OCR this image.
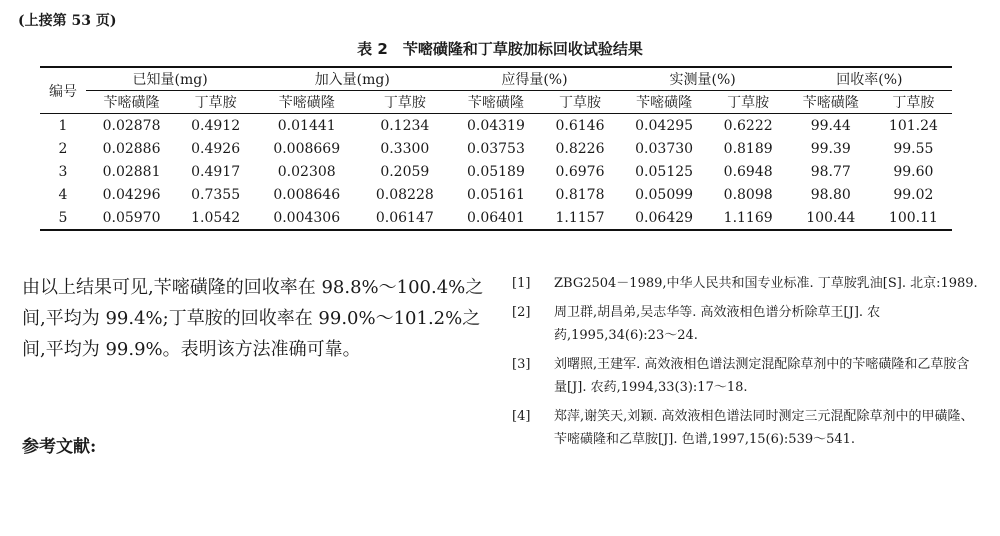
(上接第 53 页)
表 2　苄嘧磺隆和丁草胺加标回收试验结果
编号	已知量(mg)		加入量(mg)		应得量(%)		实测量(%)		回收率(%)	
	苄嘧磺隆	丁草胺	苄嘧磺隆	丁草胺	苄嘧磺隆	丁草胺	苄嘧磺隆	丁草胺	苄嘧磺隆	丁草胺
1	0.02878	0.4912	0.01441	0.1234	0.04319	0.6146	0.04295	0.6222	99.44	101.24
2	0.02886	0.4926	0.008669	0.3300	0.03753	0.8226	0.03730	0.8189	99.39	99.55
3	0.02881	0.4917	0.02308	0.2059	0.05189	0.6976	0.05125	0.6948	98.77	99.60
4	0.04296	0.7355	0.008646	0.08228	0.05161	0.8178	0.05099	0.8098	98.80	99.02
5	0.05970	1.0542	0.004306	0.06147	0.06401	1.1157	0.06429	1.1169	100.44	100.11
由以上结果可见,苄嘧磺隆的回收率在 98.8%～100.4%之间,平均为 99.4%;丁草胺的回收率在 99.0%～101.2%之间,平均为 99.9%。表明该方法准确可靠。
参考文献:
[1]	ZBG2504－1989,中华人民共和国专业标准. 丁草胺乳油[S]. 北京:1989.
[2]	周卫群,胡昌弟,吴志华等. 高效液相色谱分析除草王[J]. 农药,1995,34(6):23～24.
[3]	刘曙照,王建军. 高效液相色谱法测定混配除草剂中的苄嘧磺隆和乙草胺含量[J]. 农药,1994,33(3):17～18.
[4]	郑萍,谢笑天,刘颖. 高效液相色谱法同时测定三元混配除草剂中的甲磺隆、苄嘧磺隆和乙草胺[J]. 色谱,1997,15(6):539～541.
